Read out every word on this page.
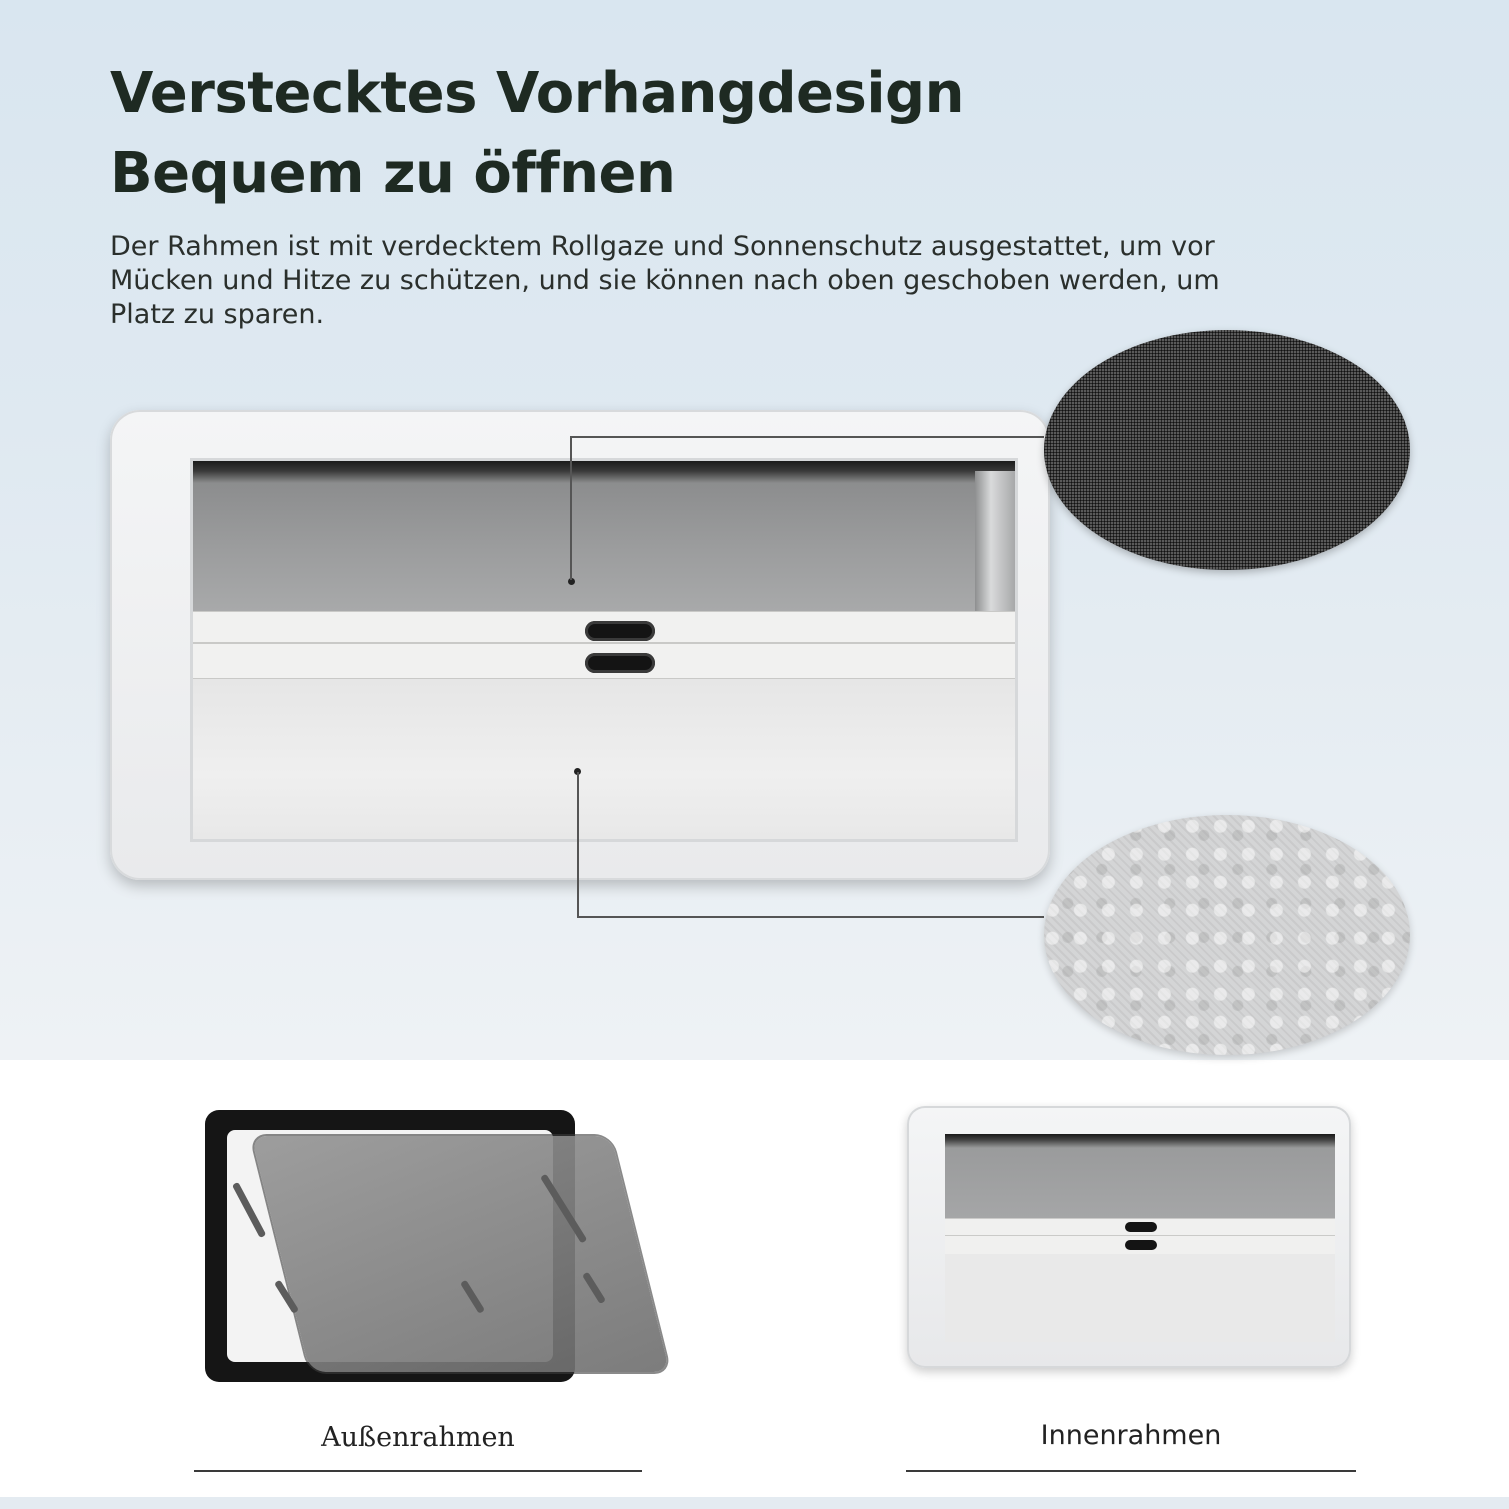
Verstecktes Vorhangdesign
Bequem zu öffnen

Der Rahmen ist mit verdecktem Rollgaze und Sonnenschutz ausgestattet, um vor Mücken und Hitze zu schützen, und sie können nach oben geschoben werden, um Platz zu sparen.

Außenrahmen	Innenrahmen
